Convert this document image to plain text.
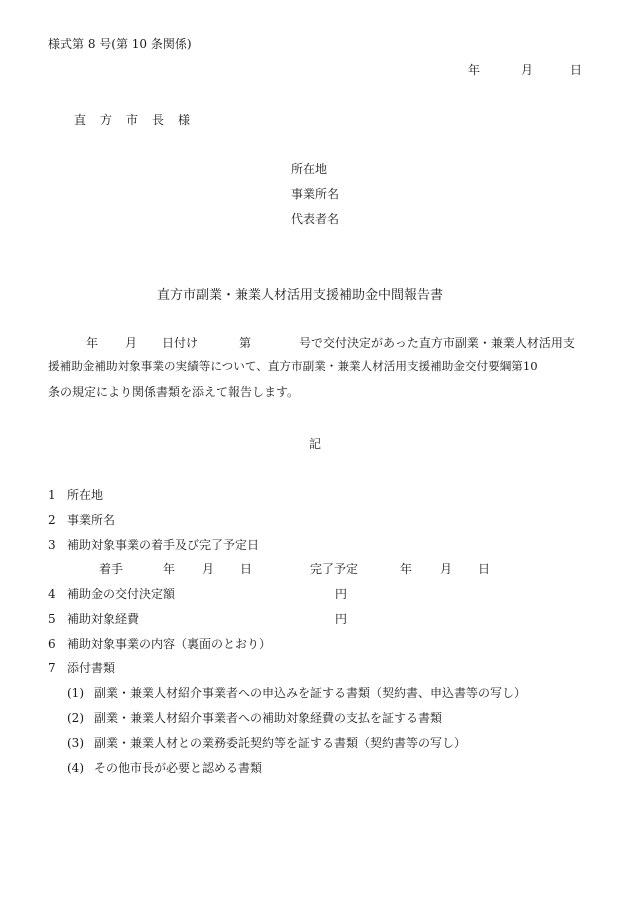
様式第 8 号(第 10 条関係)
年	月	日
直 方 市 長 様
所在地
事業所名
代表者名
直方市副業・兼業人材活用支援補助金中間報告書
年 月 日付け	第	号で交付決定があった直方市副業・兼業人材活用支
援補助金補助対象事業の実績等について、直方市副業・兼業人材活用支援補助金交付要綱第10
条の規定により関係書類を添えて報告します。
記
1 所在地
2 事業所名
3 補助対象事業の着手及び完了予定日
着手	年 月 日	完了予定	年 月 日
4 補助金の交付決定額	円
5 補助対象経費	円
6 補助対象事業の内容（裏面のとおり）
7 添付書類
(1) 副業・兼業人材紹介事業者への申込みを証する書類（契約書、申込書等の写し）
(2) 副業・兼業人材紹介事業者への補助対象経費の支払を証する書類
(3) 副業・兼業人材との業務委託契約等を証する書類（契約書等の写し）
(4) その他市長が必要と認める書類
